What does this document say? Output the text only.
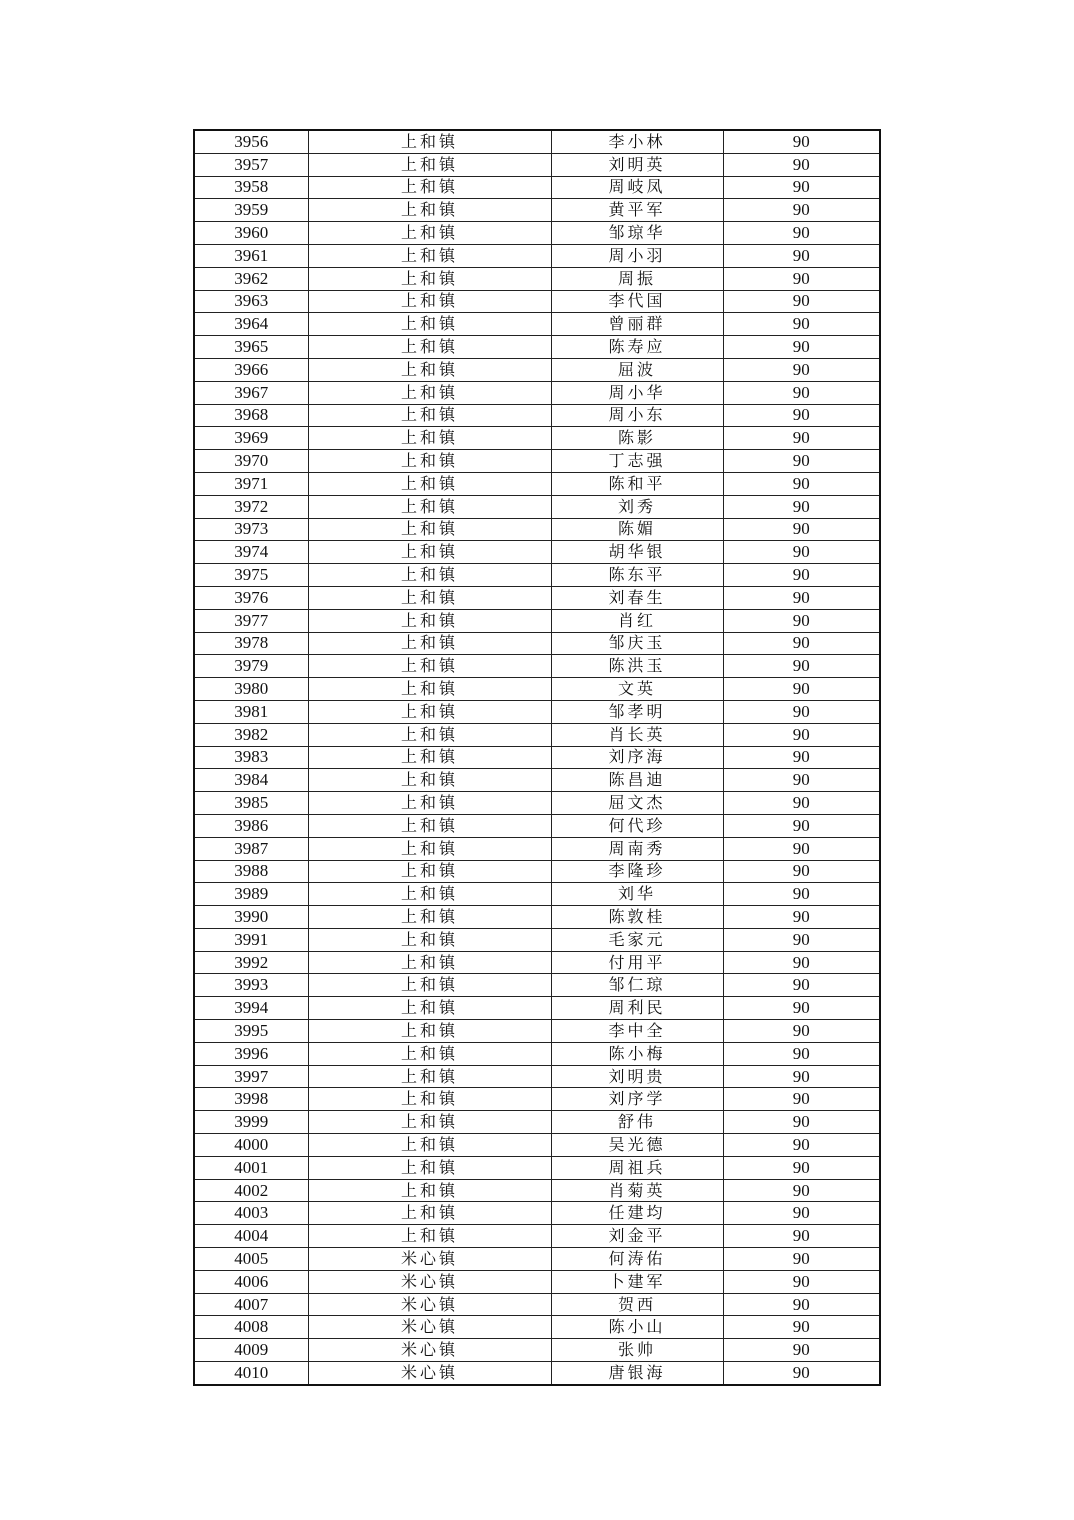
3956	上和镇	李小林	90
3957	上和镇	刘明英	90
3958	上和镇	周岐凤	90
3959	上和镇	黄平军	90
3960	上和镇	邹琼华	90
3961	上和镇	周小羽	90
3962	上和镇	周振	90
3963	上和镇	李代国	90
3964	上和镇	曾丽群	90
3965	上和镇	陈寿应	90
3966	上和镇	屈波	90
3967	上和镇	周小华	90
3968	上和镇	周小东	90
3969	上和镇	陈影	90
3970	上和镇	丁志强	90
3971	上和镇	陈和平	90
3972	上和镇	刘秀	90
3973	上和镇	陈媚	90
3974	上和镇	胡华银	90
3975	上和镇	陈东平	90
3976	上和镇	刘春生	90
3977	上和镇	肖红	90
3978	上和镇	邹庆玉	90
3979	上和镇	陈洪玉	90
3980	上和镇	文英	90
3981	上和镇	邹孝明	90
3982	上和镇	肖长英	90
3983	上和镇	刘序海	90
3984	上和镇	陈昌迪	90
3985	上和镇	屈文杰	90
3986	上和镇	何代珍	90
3987	上和镇	周南秀	90
3988	上和镇	李隆珍	90
3989	上和镇	刘华	90
3990	上和镇	陈敦桂	90
3991	上和镇	毛家元	90
3992	上和镇	付用平	90
3993	上和镇	邹仁琼	90
3994	上和镇	周利民	90
3995	上和镇	李中全	90
3996	上和镇	陈小梅	90
3997	上和镇	刘明贵	90
3998	上和镇	刘序学	90
3999	上和镇	舒伟	90
4000	上和镇	吴光德	90
4001	上和镇	周祖兵	90
4002	上和镇	肖菊英	90
4003	上和镇	任建均	90
4004	上和镇	刘金平	90
4005	米心镇	何涛佑	90
4006	米心镇	卜建军	90
4007	米心镇	贺西	90
4008	米心镇	陈小山	90
4009	米心镇	张帅	90
4010	米心镇	唐银海	90
